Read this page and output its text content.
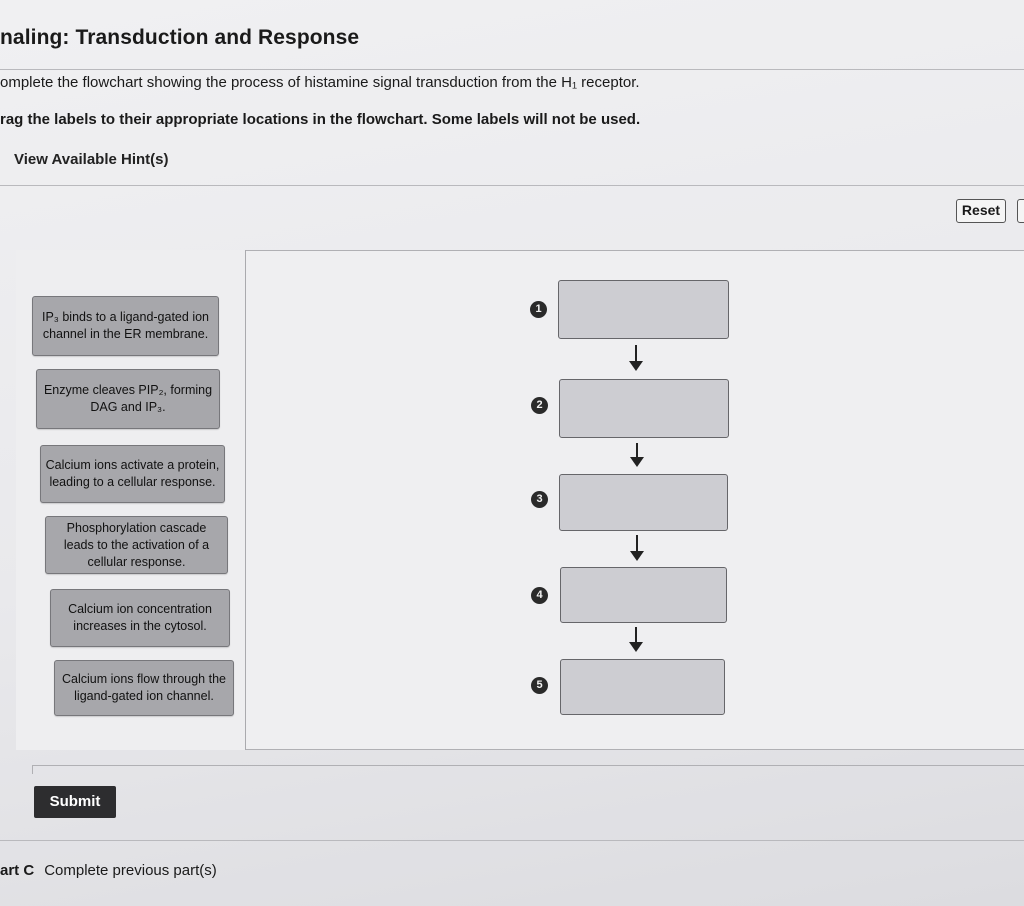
naling: Transduction and Response
omplete the flowchart showing the process of histamine signal transduction from the H₁ receptor.
rag the labels to their appropriate locations in the flowchart. Some labels will not be used.
View Available Hint(s)
Reset
IP₃ binds to a ligand-gated ion channel in the ER membrane.
Enzyme cleaves PIP₂, forming DAG and IP₃.
Calcium ions activate a protein, leading to a cellular response.
Phosphorylation cascade leads to the activation of a cellular response.
Calcium ion concentration increases in the cytosol.
Calcium ions flow through the ligand-gated ion channel.
1
2
3
4
5
Submit
art C Complete previous part(s)
